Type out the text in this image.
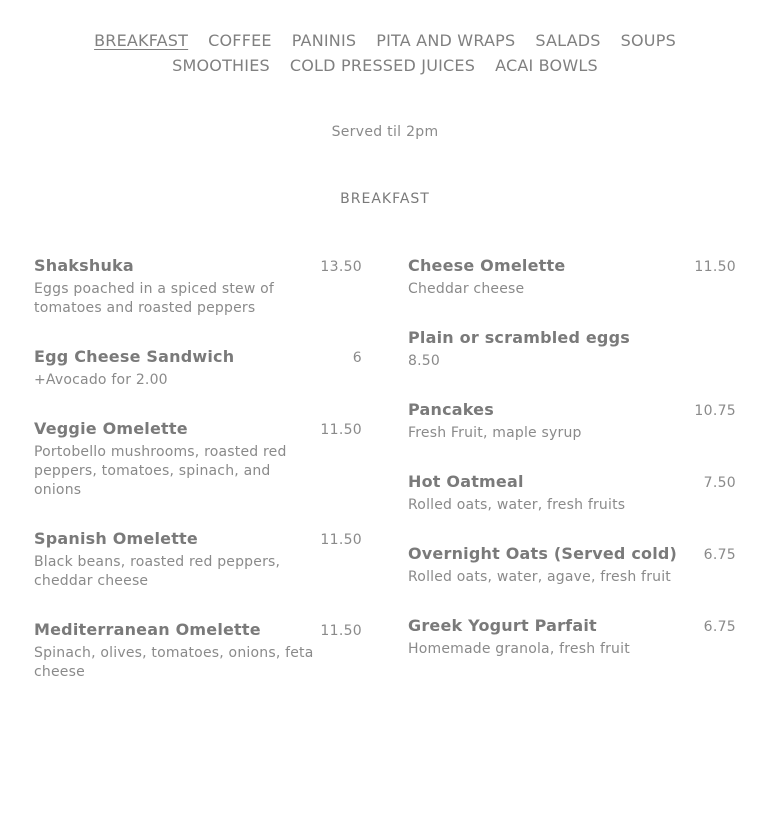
BREAKFAST	COFFEE	PANINIS	PITA AND WRAPS	SALADS	SOUPS
SMOOTHIES	COLD PRESSED JUICES	ACAI BOWLS
Served til 2pm
BREAKFAST
Shakshuka	13.50
Eggs poached in a spiced stew of tomatoes and roasted peppers
Egg Cheese Sandwich	6
+Avocado for 2.00
Veggie Omelette	11.50
Portobello mushrooms, roasted red peppers, tomatoes, spinach, and onions
Spanish Omelette	11.50
Black beans, roasted red peppers, cheddar cheese
Mediterranean Omelette	11.50
Spinach, olives, tomatoes, onions, feta cheese
Cheese Omelette	11.50
Cheddar cheese
Plain or scrambled eggs
8.50
Pancakes	10.75
Fresh Fruit, maple syrup
Hot Oatmeal	7.50
Rolled oats, water, fresh fruits
Overnight Oats (Served cold) 6.75
Rolled oats, water, agave, fresh fruit
Greek Yogurt Parfait	6.75
Homemade granola, fresh fruit
